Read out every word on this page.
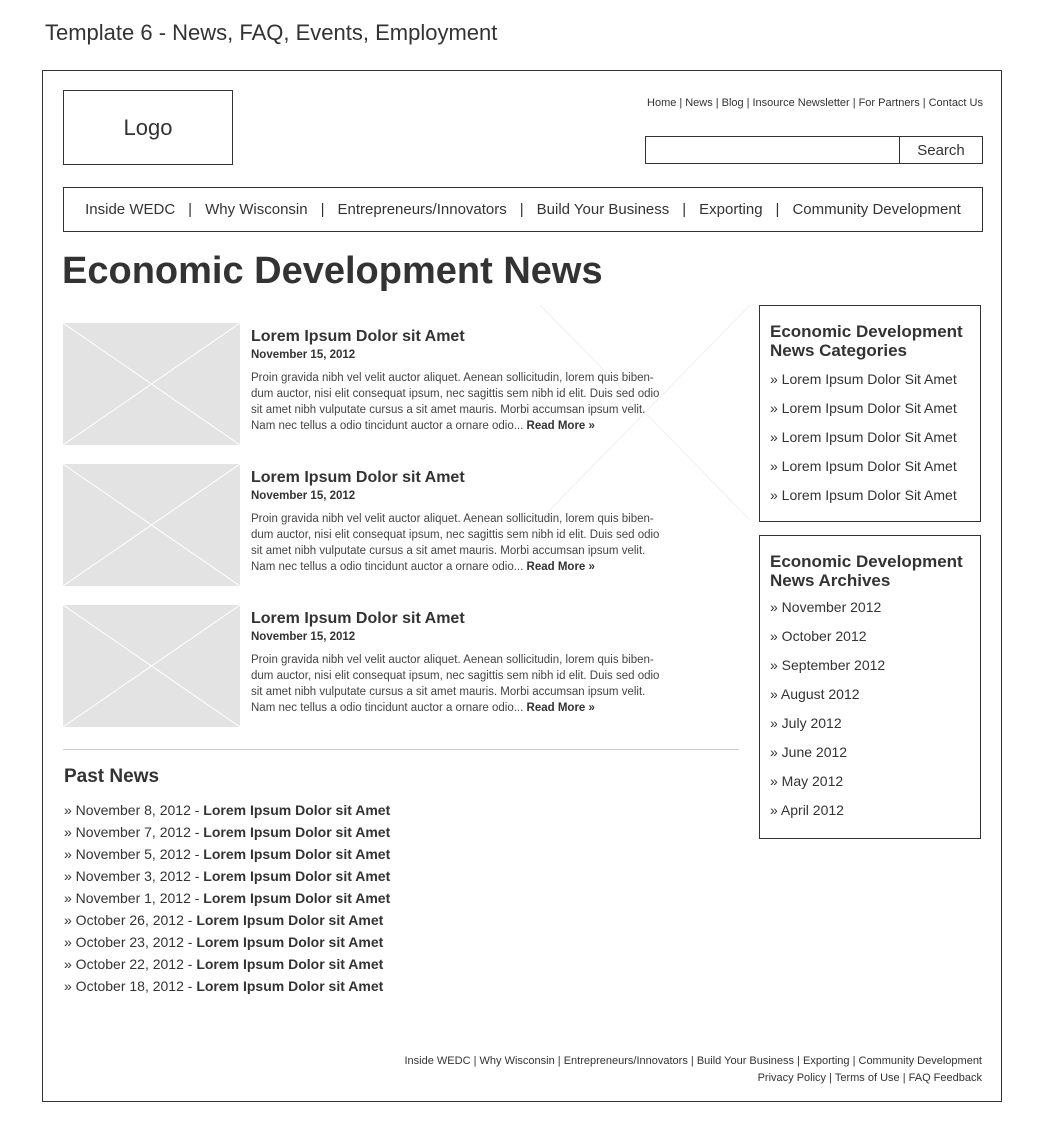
Template 6 - News, FAQ, Events, Employment
Logo
Home | News | Blog | Insource Newsletter | For Partners | Contact Us
Search
Inside WEDC | Why Wisconsin | Entrepreneurs/Innovators | Build Your Business | Exporting | Community Development
Economic Development News
Lorem Ipsum Dolor sit Amet
November 15, 2012

Proin gravida nibh vel velit auctor aliquet. Aenean sollicitudin, lorem quis biben-

dum auctor, nisi elit consequat ipsum, nec sagittis sem nibh id elit. Duis sed odio

sit amet nibh vulputate cursus a sit amet mauris. Morbi accumsan ipsum velit.

Nam nec tellus a odio tincidunt auctor a ornare odio... Read More »

Lorem Ipsum Dolor sit Amet
November 15, 2012

Proin gravida nibh vel velit auctor aliquet. Aenean sollicitudin, lorem quis biben-

dum auctor, nisi elit consequat ipsum, nec sagittis sem nibh id elit. Duis sed odio

sit amet nibh vulputate cursus a sit amet mauris. Morbi accumsan ipsum velit.

Nam nec tellus a odio tincidunt auctor a ornare odio... Read More »

Lorem Ipsum Dolor sit Amet
November 15, 2012

Proin gravida nibh vel velit auctor aliquet. Aenean sollicitudin, lorem quis biben-

dum auctor, nisi elit consequat ipsum, nec sagittis sem nibh id elit. Duis sed odio

sit amet nibh vulputate cursus a sit amet mauris. Morbi accumsan ipsum velit.

Nam nec tellus a odio tincidunt auctor a ornare odio... Read More »

Past News
» November 8, 2012 - Lorem Ipsum Dolor sit Amet
» November 7, 2012 - Lorem Ipsum Dolor sit Amet
» November 5, 2012 - Lorem Ipsum Dolor sit Amet
» November 3, 2012 - Lorem Ipsum Dolor sit Amet
» November 1, 2012 - Lorem Ipsum Dolor sit Amet
» October 26, 2012 - Lorem Ipsum Dolor sit Amet
» October 23, 2012 - Lorem Ipsum Dolor sit Amet
» October 22, 2012 - Lorem Ipsum Dolor sit Amet
» October 18, 2012 - Lorem Ipsum Dolor sit Amet
Economic Development
News Categories
» Lorem Ipsum Dolor Sit Amet
» Lorem Ipsum Dolor Sit Amet
» Lorem Ipsum Dolor Sit Amet
» Lorem Ipsum Dolor Sit Amet
» Lorem Ipsum Dolor Sit Amet
Economic Development
News Archives
» November 2012
» October 2012
» September 2012
» August 2012
» July 2012
» June 2012
» May 2012
» April 2012
Inside WEDC | Why Wisconsin | Entrepreneurs/Innovators | Build Your Business | Exporting | Community Development
Privacy Policy | Terms of Use | FAQ Feedback
